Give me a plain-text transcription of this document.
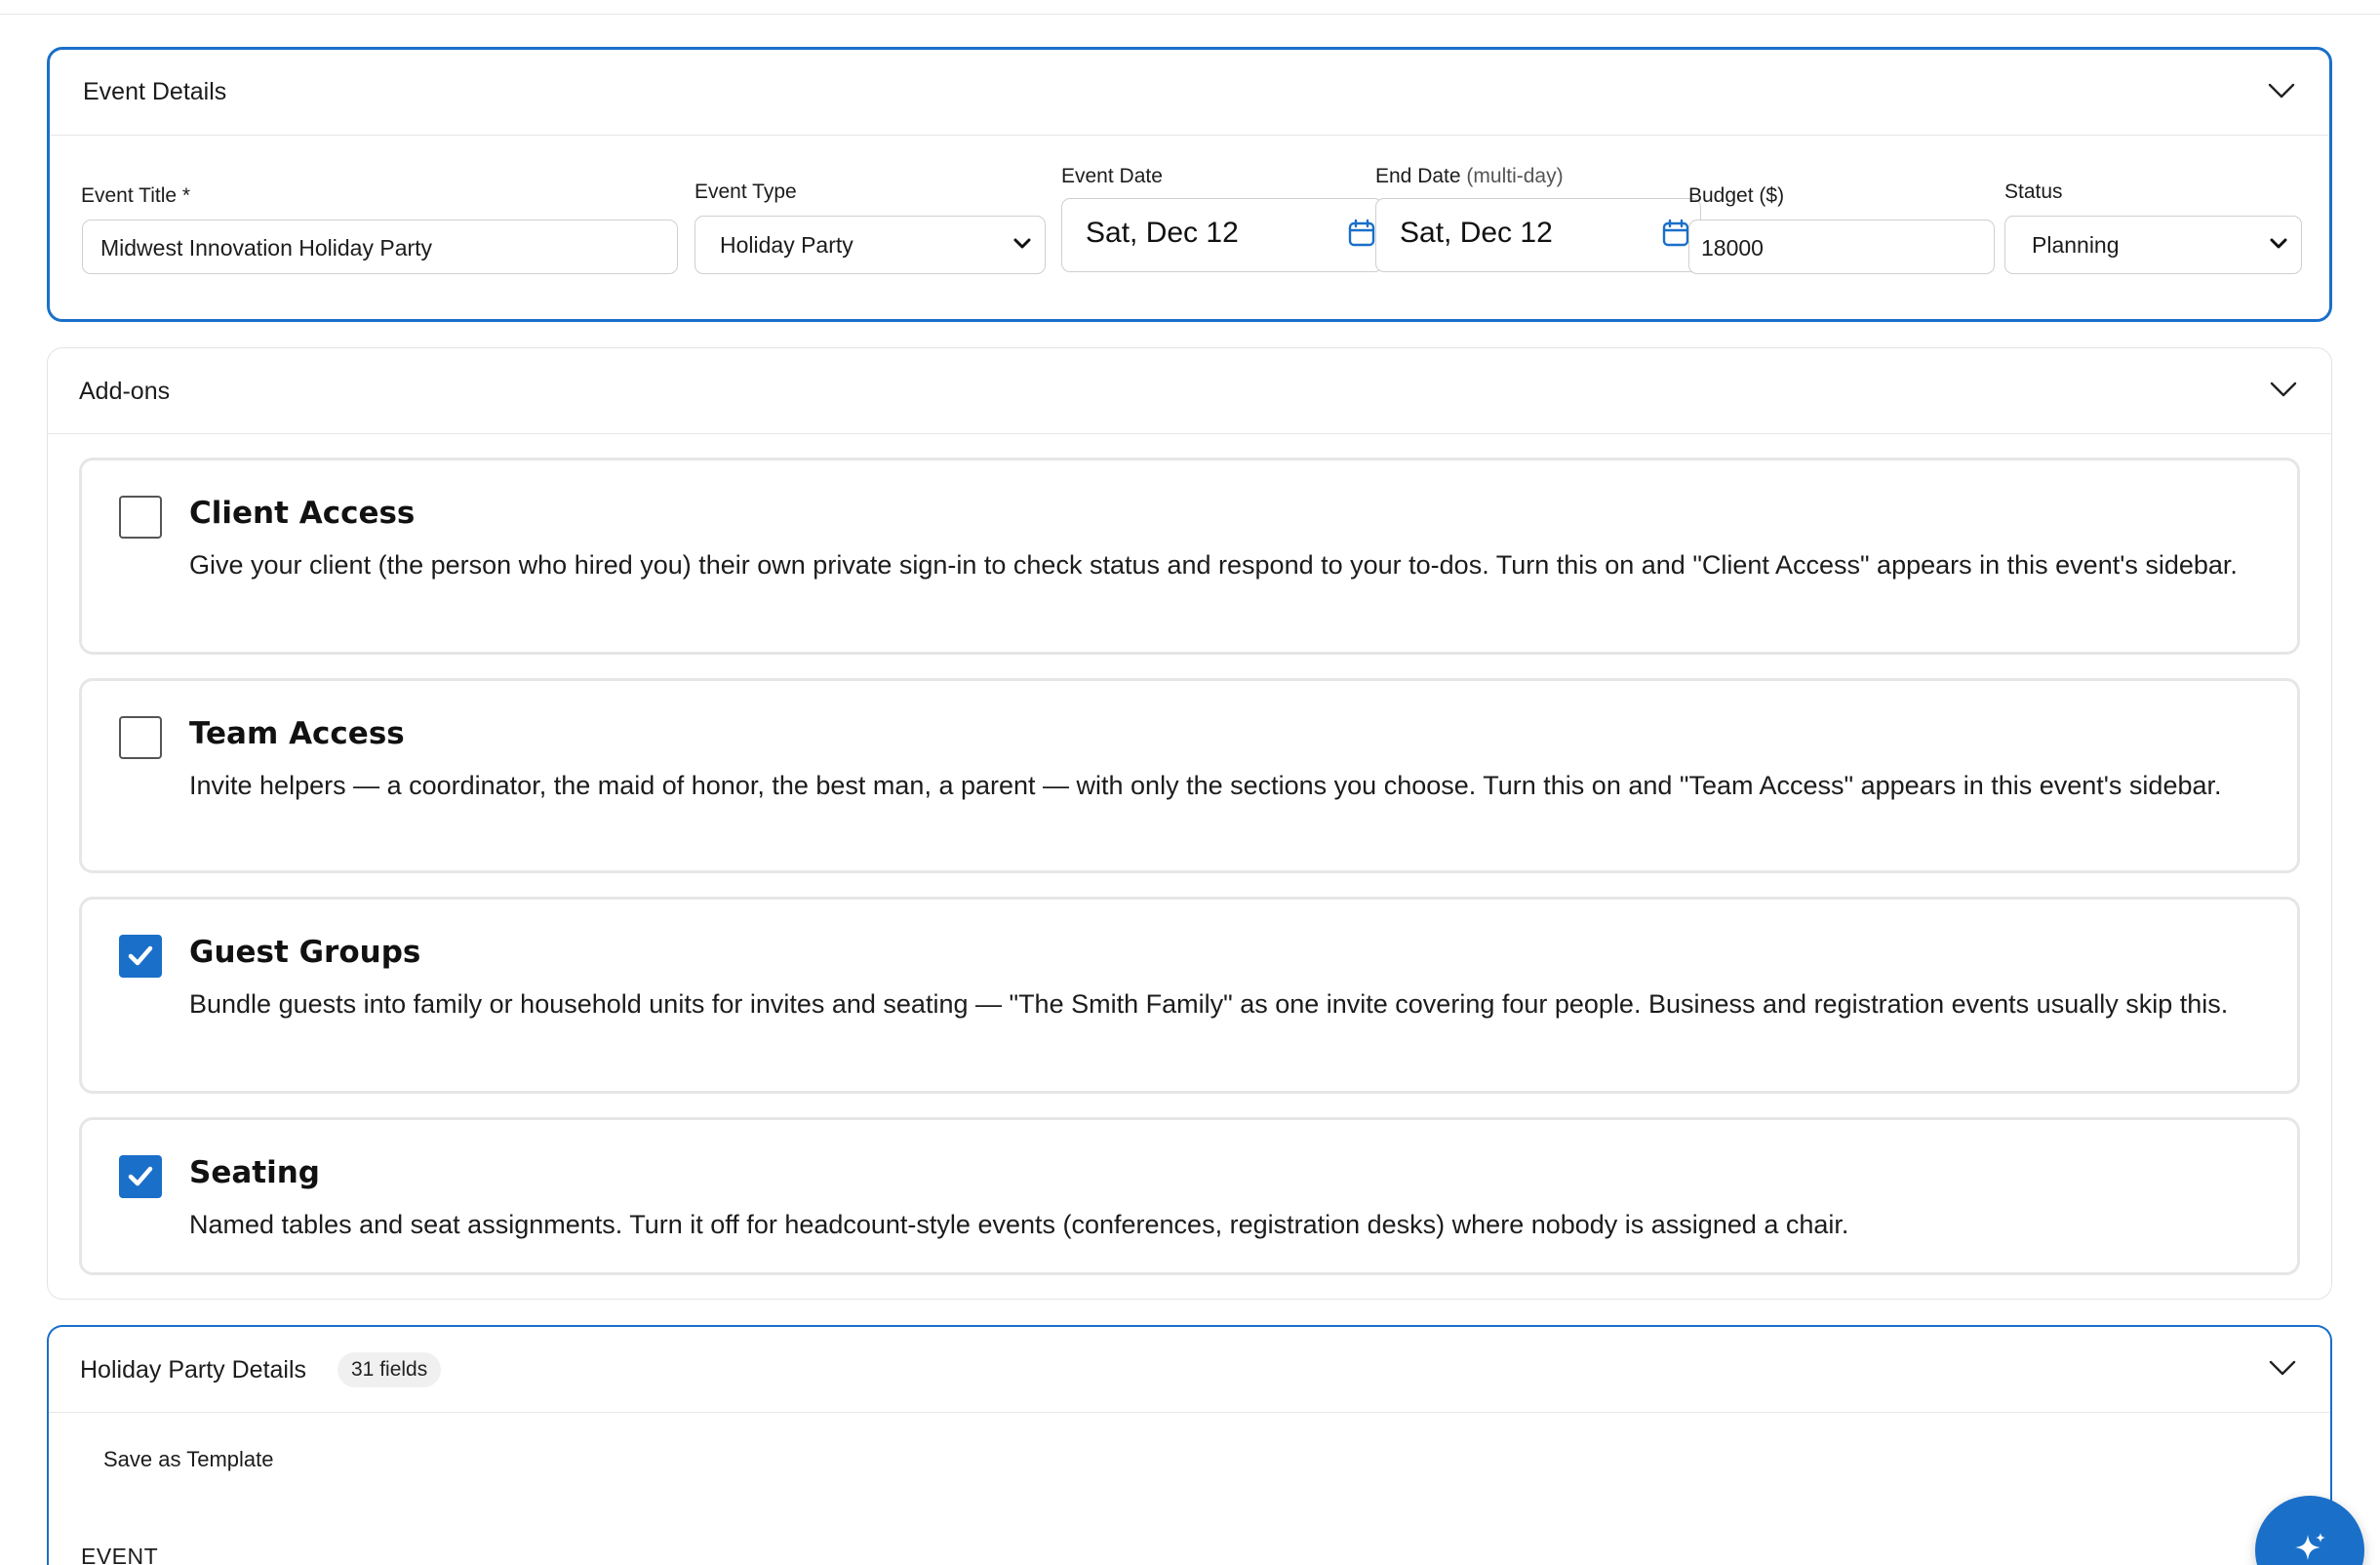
Event Details
Event Title *
Midwest Innovation Holiday Party
Event Type
Holiday Party
Event Date
Sat, Dec 12
End Date (multi-day)
Sat, Dec 12
Budget ($)
18000
Status
Planning
Add-ons
Client Access

Give your client (the person who hired you) their own private sign-in to check status and respond to your to-dos. Turn this on and "Client Access" appears in this event's sidebar.

Team Access

Invite helpers — a coordinator, the maid of honor, the best man, a parent — with only the sections you choose. Turn this on and "Team Access" appears in this event's sidebar.

Guest Groups

Bundle guests into family or household units for invites and seating — "The Smith Family" as one invite covering four people. Business and registration events usually skip this.

Seating

Named tables and seat assignments. Turn it off for headcount-style events (conferences, registration desks) where nobody is assigned a chair.

Holiday Party Details	31 fields
Save as Template
EVENT
